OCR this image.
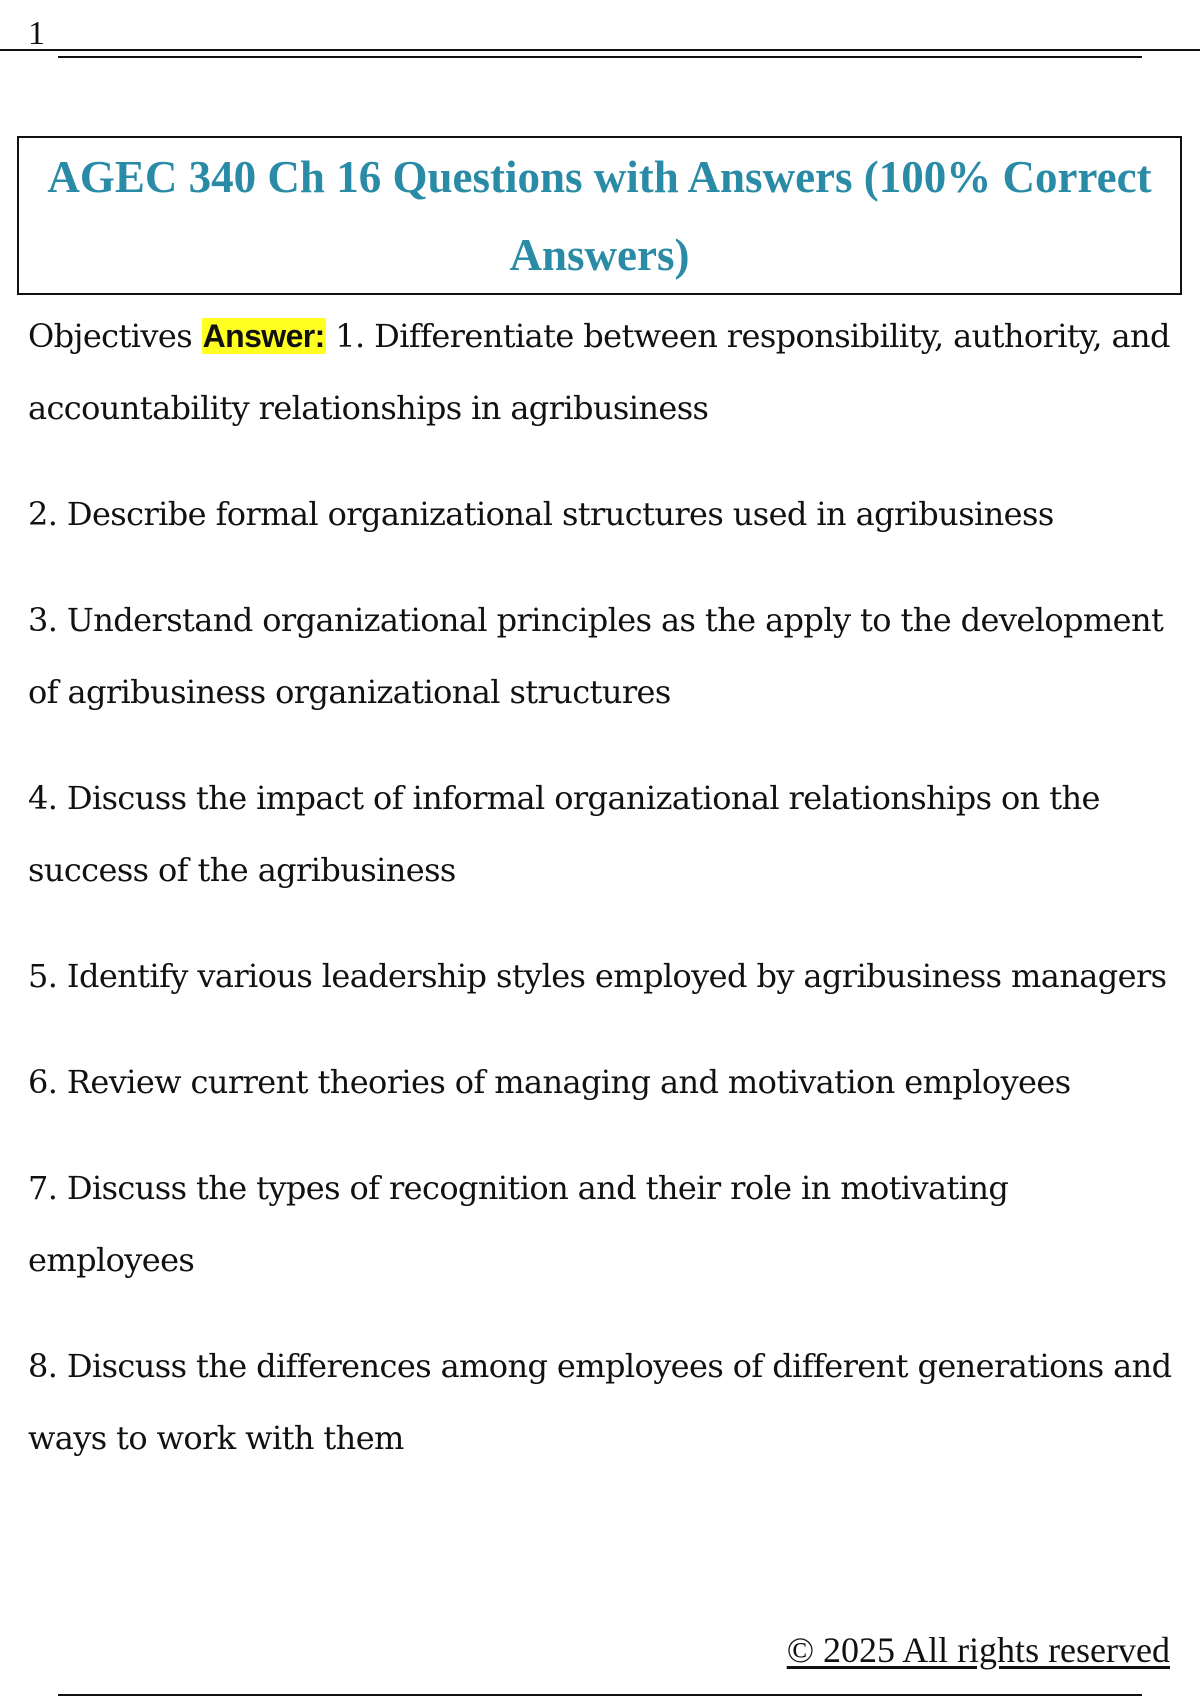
1
AGEC 340 Ch 16 Questions with Answers (100% Correct Answers)

Objectives Answer: 1. Differentiate between responsibility, authority, and accountability relationships in agribusiness

2. Describe formal organizational structures used in agribusiness

3. Understand organizational principles as the apply to the development of agribusiness organizational structures

4. Discuss the impact of informal organizational relationships on the success of the agribusiness

5. Identify various leadership styles employed by agribusiness managers

6. Review current theories of managing and motivation employees

7. Discuss the types of recognition and their role in motivating employees

8. Discuss the differences among employees of different generations and ways to work with them

© 2025 All rights reserved
